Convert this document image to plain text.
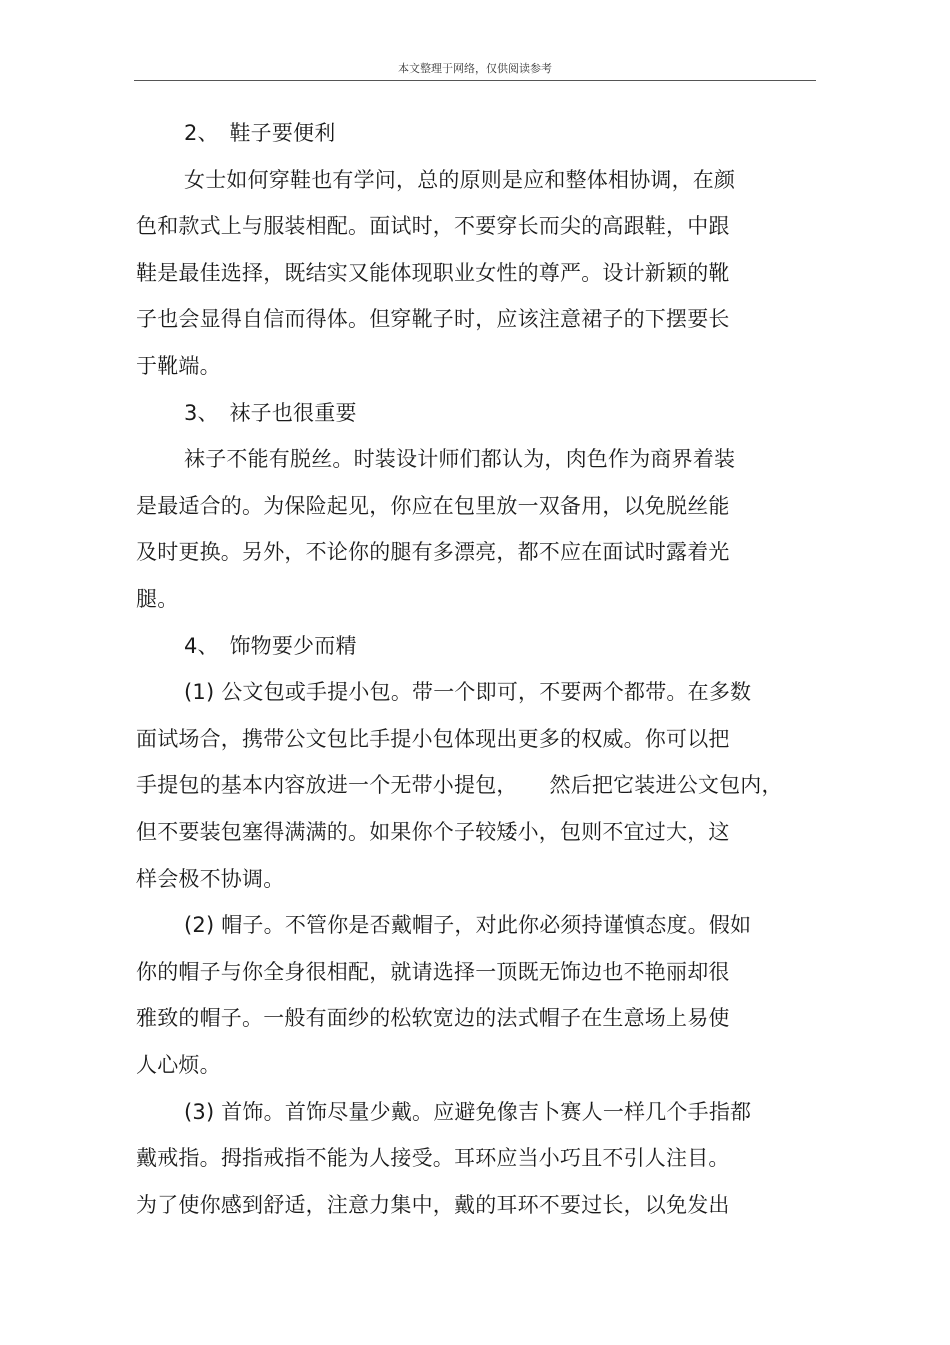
本文整理于网络，仅供阅读参考
2、　鞋子要便利
女士如何穿鞋也有学问，总的原则是应和整体相协调，在颜
色和款式上与服装相配。面试时，不要穿长而尖的高跟鞋，中跟
鞋是最佳选择，既结实又能体现职业女性的尊严。设计新颖的靴
子也会显得自信而得体。但穿靴子时，应该注意裙子的下摆要长
于靴端。
3、　袜子也很重要
袜子不能有脱丝。时装设计师们都认为，肉色作为商界着装
是最适合的。为保险起见，你应在包里放一双备用，以免脱丝能
及时更换。另外，不论你的腿有多漂亮，都不应在面试时露着光
腿。
4、　饰物要少而精
(1) 公文包或手提小包。带一个即可，不要两个都带。在多数
面试场合，携带公文包比手提小包体现出更多的权威。你可以把
手提包的基本内容放进一个无带小提包，　　然后把它装进公文包内，
但不要装包塞得满满的。如果你个子较矮小，包则不宜过大，这
样会极不协调。
(2) 帽子。不管你是否戴帽子，对此你必须持谨慎态度。假如
你的帽子与你全身很相配，就请选择一顶既无饰边也不艳丽却很
雅致的帽子。一般有面纱的松软宽边的法式帽子在生意场上易使
人心烦。
(3) 首饰。首饰尽量少戴。应避免像吉卜赛人一样几个手指都
戴戒指。拇指戒指不能为人接受。耳环应当小巧且不引人注目。
为了使你感到舒适，注意力集中，戴的耳环不要过长，以免发出
